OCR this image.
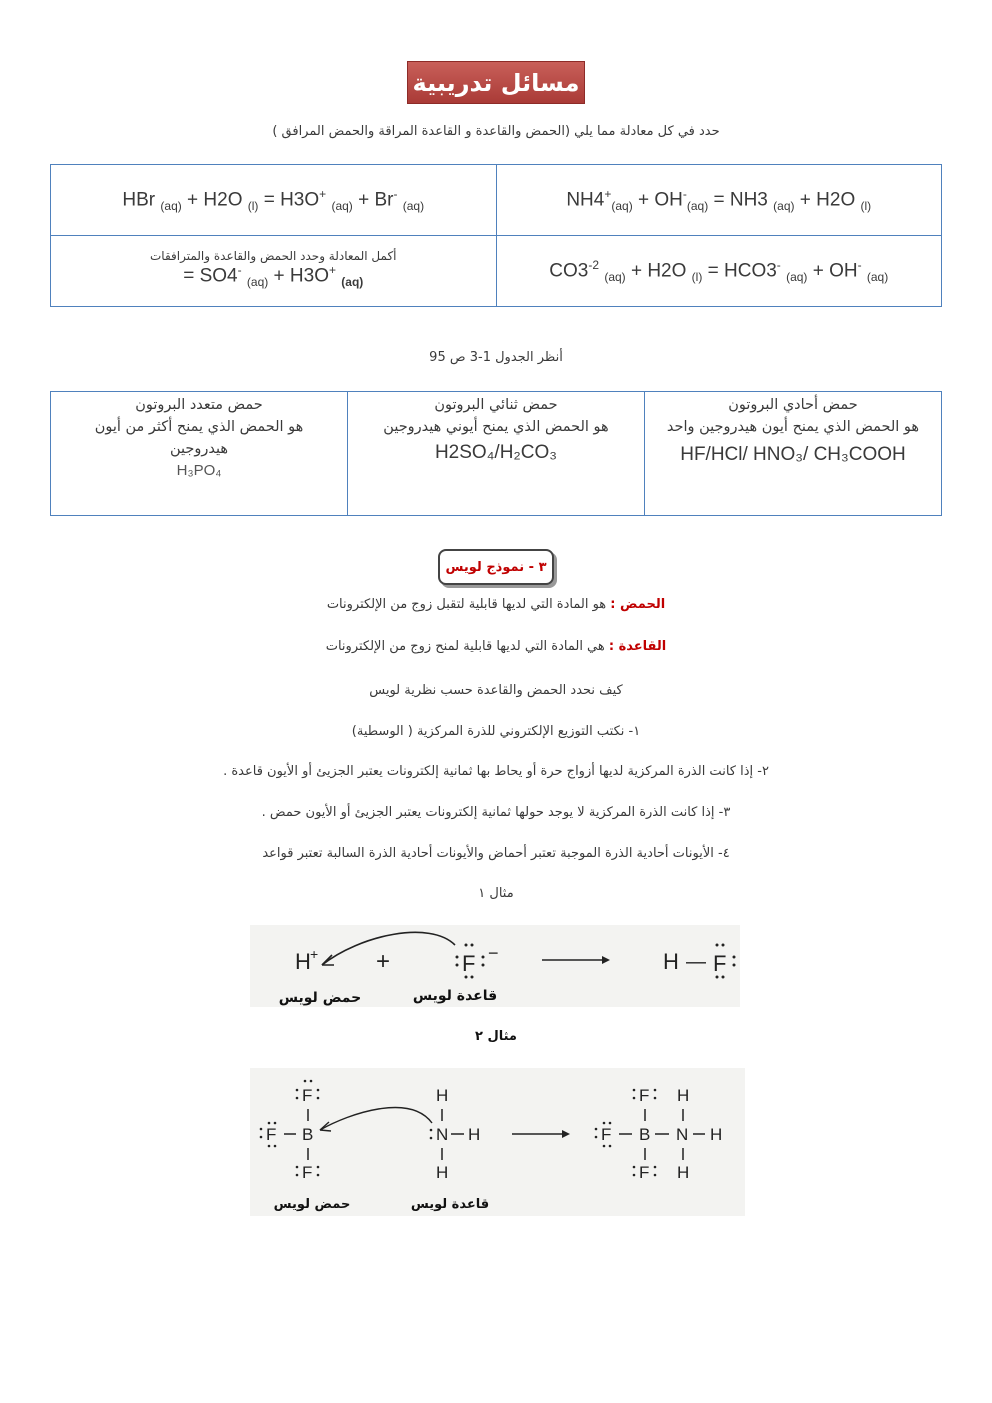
مسائل تدريبية
حدد في كل معادلة مما يلي (الحمض والقاعدة و القاعدة المراقة والحمض المرافق )
HBr $_{(aq)}$ + H2O $_{(l)}$ = H3O+ $_{(aq)}$ + Br- $_{(aq)}$	$NH4^+_{(aq)} + OH^-_{(aq)} = NH3$ $_{(aq)}$ + H2O $_{(l)}$

أكمل المعادلة وحدد الحمض والقاعدة والمترافقات
= SO4- $_{(aq)}$ + H3O+ $_{(aq)}$	$CO3^{-2}$ $_{(aq)}$ + H2O $_{(l)}$ = HCO3- $_{(aq)}$ + OH- $_{(aq)}$
أنظر الجدول 1-3 ص 95
حمض أحادي البروتون
هو الحمض الذي يمنح أيون هيدروجين واحد
HF/HCl/ HNO₃/ CH₃COOH

حمض ثنائي البروتون
هو الحمض الذي يمنح أيوني هيدروجين
H2SO₄/H₂CO₃

حمض متعدد البروتون
هو الحمض الذي يمنح أكثر من أيون هيدروجين
H₃PO₄
٣ - نموذج لويس
الحمض : هو المادة التي لديها قابلية لتقبل زوج من الإلكترونات
القاعدة : هي المادة التي لديها قابلية لمنح زوج من الإلكترونات
كيف نحدد الحمض والقاعدة حسب نظرية لويس
١- نكتب التوزيع الإلكتروني للذرة المركزية ( الوسطية)
٢- إذا كانت الذرة المركزية لديها أزواج حرة أو يحاط بها ثمانية إلكترونات يعتبر الجزيئ أو الأيون قاعدة .
٣- إذا كانت الذرة المركزية لا يوجد حولها ثمانية إلكترونات يعتبر الجزيئ أو الأيون حمض .
٤- الأيونات أحادية الذرة الموجبة تعتبر أحماض والأيونات أحادية الذرة السالبة تعتبر قواعد
مثال ١
H + +	F −	H — F
حمض لويس	قاعدة لويس
مثال ٢
F
F B
F
H
N H
H
F
F B
F
H
N H
H
حمض لويس	قاعدة لويس
